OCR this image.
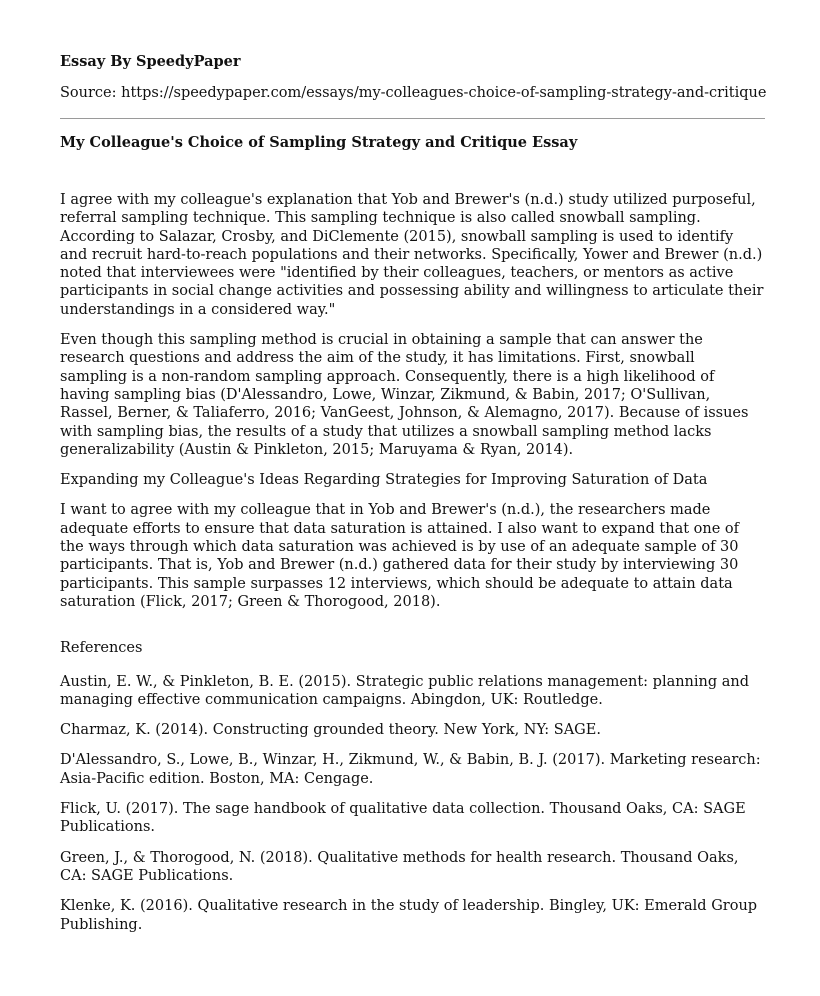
Essay By SpeedyPaper

Source: https://speedypaper.com/essays/my-colleagues-choice-of-sampling-strategy-and-critique

My Colleague's Choice of Sampling Strategy and Critique Essay

I agree with my colleague's explanation that Yob and Brewer's (n.d.) study utilized purposeful, referral sampling technique. This sampling technique is also called snowball sampling. According to Salazar, Crosby, and DiClemente (2015), snowball sampling is used to identify and recruit hard-to-reach populations and their networks. Specifically, Yower and Brewer (n.d.) noted that interviewees were "identified by their colleagues, teachers, or mentors as active participants in social change activities and possessing ability and willingness to articulate their understandings in a considered way."

Even though this sampling method is crucial in obtaining a sample that can answer the research questions and address the aim of the study, it has limitations. First, snowball sampling is a non-random sampling approach. Consequently, there is a high likelihood of having sampling bias (D'Alessandro, Lowe, Winzar, Zikmund, & Babin, 2017; O'Sullivan, Rassel, Berner, & Taliaferro, 2016; VanGeest, Johnson, & Alemagno, 2017). Because of issues with sampling bias, the results of a study that utilizes a snowball sampling method lacks generalizability (Austin & Pinkleton, 2015; Maruyama & Ryan, 2014).

Expanding my Colleague's Ideas Regarding Strategies for Improving Saturation of Data

I want to agree with my colleague that in Yob and Brewer's (n.d.), the researchers made adequate efforts to ensure that data saturation is attained. I also want to expand that one of the ways through which data saturation was achieved is by use of an adequate sample of 30 participants. That is, Yob and Brewer (n.d.) gathered data for their study by interviewing 30 participants. This sample surpasses 12 interviews, which should be adequate to attain data saturation (Flick, 2017; Green & Thorogood, 2018).

References

Austin, E. W., & Pinkleton, B. E. (2015). Strategic public relations management: planning and managing effective communication campaigns. Abingdon, UK: Routledge.

Charmaz, K. (2014). Constructing grounded theory. New York, NY: SAGE.

D'Alessandro, S., Lowe, B., Winzar, H., Zikmund, W., & Babin, B. J. (2017). Marketing research: Asia-Pacific edition. Boston, MA: Cengage.

Flick, U. (2017). The sage handbook of qualitative data collection. Thousand Oaks, CA: SAGE Publications.

Green, J., & Thorogood, N. (2018). Qualitative methods for health research. Thousand Oaks, CA: SAGE Publications.

Klenke, K. (2016). Qualitative research in the study of leadership. Bingley, UK: Emerald Group Publishing.
